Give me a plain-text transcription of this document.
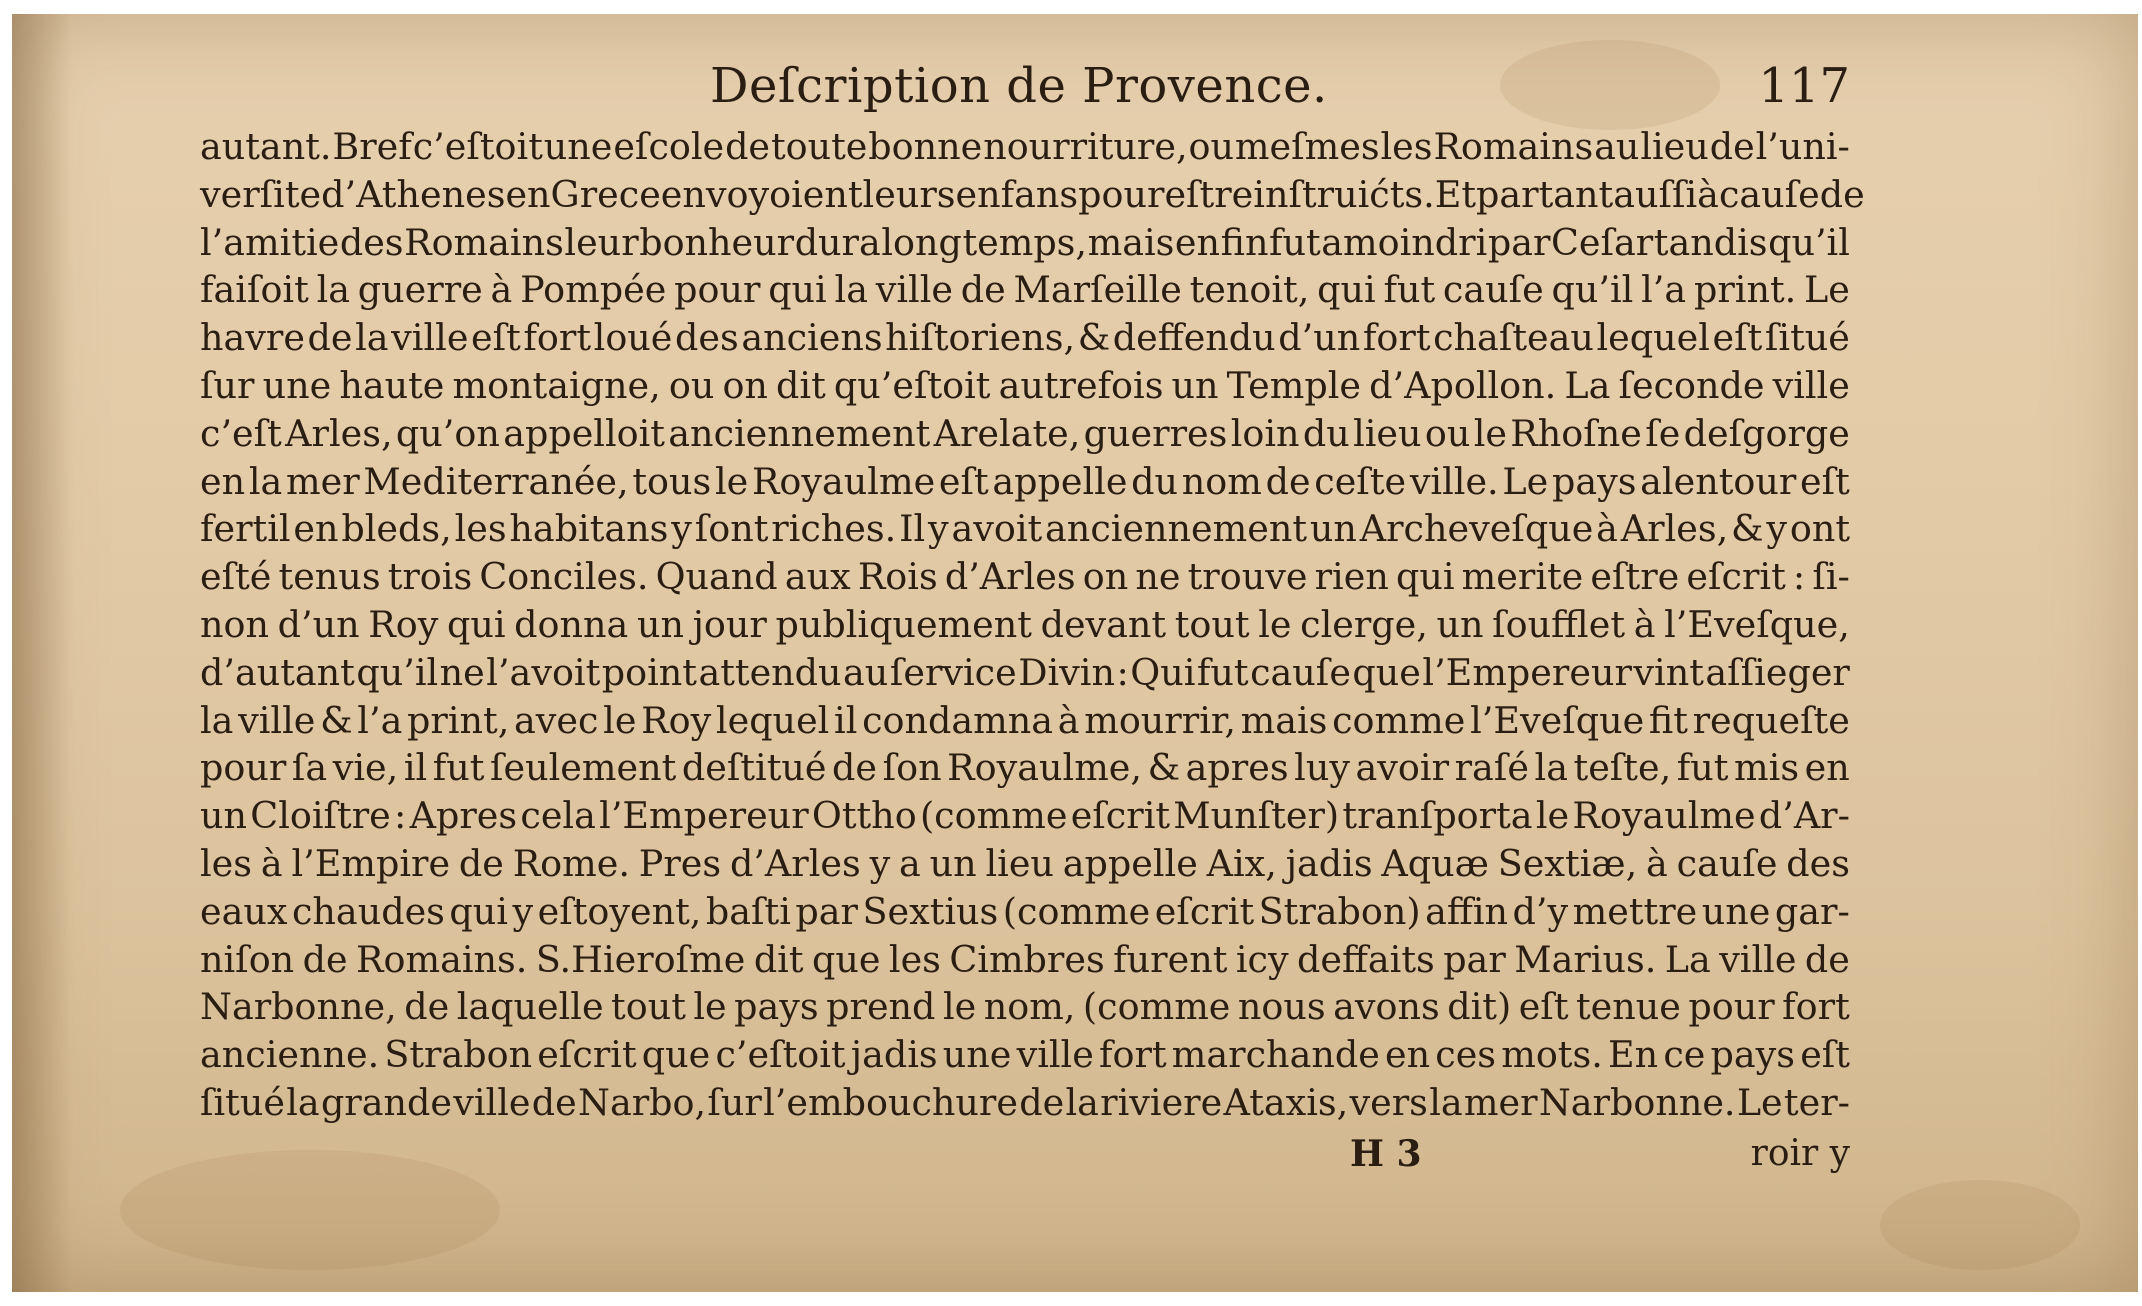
Deſcription de Provence.	117
autant. Bref c’eſtoit une eſcole de toute bonne nourriture, ou meſmes les Romains au lieu de l’uni-
verſite d’Athenes en Grece envoyoient leurs enfans pour eſtre inſtruićts. Et partant auſſi à cauſe de
l’amitie des Romains leur bonheur dura long temps, mais en fin fut amoindri par Ceſar tandis qu’il
faiſoit la guerre à Pompée pour qui la ville de Marſeille tenoit, qui fut cauſe qu’il l’a print. Le
havre de la ville eſt fort loué des anciens hiſtoriens, & deffendu d’un fort chaſteau lequel eſt ſitué
ſur une haute montaigne, ou on dit qu’eſtoit autrefois un Temple d’Apollon. La ſeconde ville
c’eſt Arles, qu’on appelloit anciennement Arelate, guerres loin du lieu ou le Rhoſne ſe deſgorge
en la mer Mediterranée, tous le Royaulme eſt appelle du nom de ceſte ville. Le pays alentour eſt
fertil en bleds, les habitans y ſont riches. Il y avoit anciennement un Archeveſque à Arles, & y ont
eſté tenus trois Conciles. Quand aux Rois d’Arles on ne trouve rien qui merite eſtre eſcrit : ſi-
non d’un Roy qui donna un jour publiquement devant tout le clerge, un ſoufflet à l’Eveſque,
d’autant qu’il ne l’avoit point attendu au ſervice Divin : Qui fut cauſe que l’Empereur vint aſſieger
la ville & l’a print, avec le Roy lequel il condamna à mourrir, mais comme l’Eveſque fit requeſte
pour ſa vie, il fut ſeulement deſtitué de ſon Royaulme, & apres luy avoir raſé la teſte, fut mis en
un Cloiſtre : Apres cela l’Empereur Ottho (comme eſcrit Munſter) tranſporta le Royaulme d’Ar-
les à l’Empire de Rome. Pres d’Arles y a un lieu appelle Aix, jadis Aquæ Sextiæ, à cauſe des
eaux chaudes qui y eſtoyent, baſti par Sextius (comme eſcrit Strabon) affin d’y mettre une gar-
niſon de Romains. S.Hieroſme dit que les Cimbres furent icy deffaits par Marius. La ville de
Narbonne, de laquelle tout le pays prend le nom, (comme nous avons dit) eſt tenue pour fort
ancienne. Strabon eſcrit que c’eſtoit jadis une ville fort marchande en ces mots. En ce pays eſt
ſitué la grande ville de Narbo, ſur l’embouchure de la riviere Ataxis, vers la mer Narbonne. Le ter-
H 3	roir y
